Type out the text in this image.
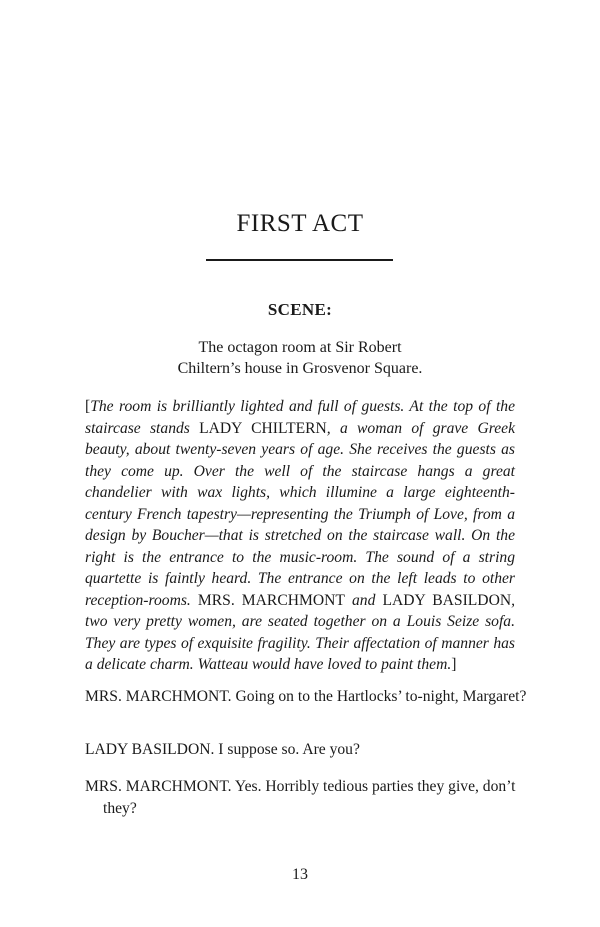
FIRST ACT
SCENE:
The octagon room at Sir Robert
Chiltern’s house in Grosvenor Square.

[The room is brilliantly lighted and full of guests. At the top of the staircase stands LADY CHILTERN, a woman of grave Greek beauty, about twenty-seven years of age. She receives the guests as they come up. Over the well of the staircase hangs a great chandelier with wax lights, which illumine a large eighteenth-century French tapestry—representing the Triumph of Love, from a design by Boucher—that is stretched on the staircase wall. On the right is the entrance to the music-room. The sound of a string quartette is faintly heard. The entrance on the left leads to other reception-rooms. MRS. MARCHMONT and LADY BASILDON, two very pretty women, are seated together on a Louis Seize sofa. They are types of exquisite fragility. Their affectation of manner has a delicate charm. Watteau would have loved to paint them.]

MRS. MARCHMONT. Going on to the Hartlocks’ to-night, Margaret?

LADY BASILDON. I suppose so. Are you?

MRS. MARCHMONT. Yes. Horribly tedious parties they give, don’t they?

13
